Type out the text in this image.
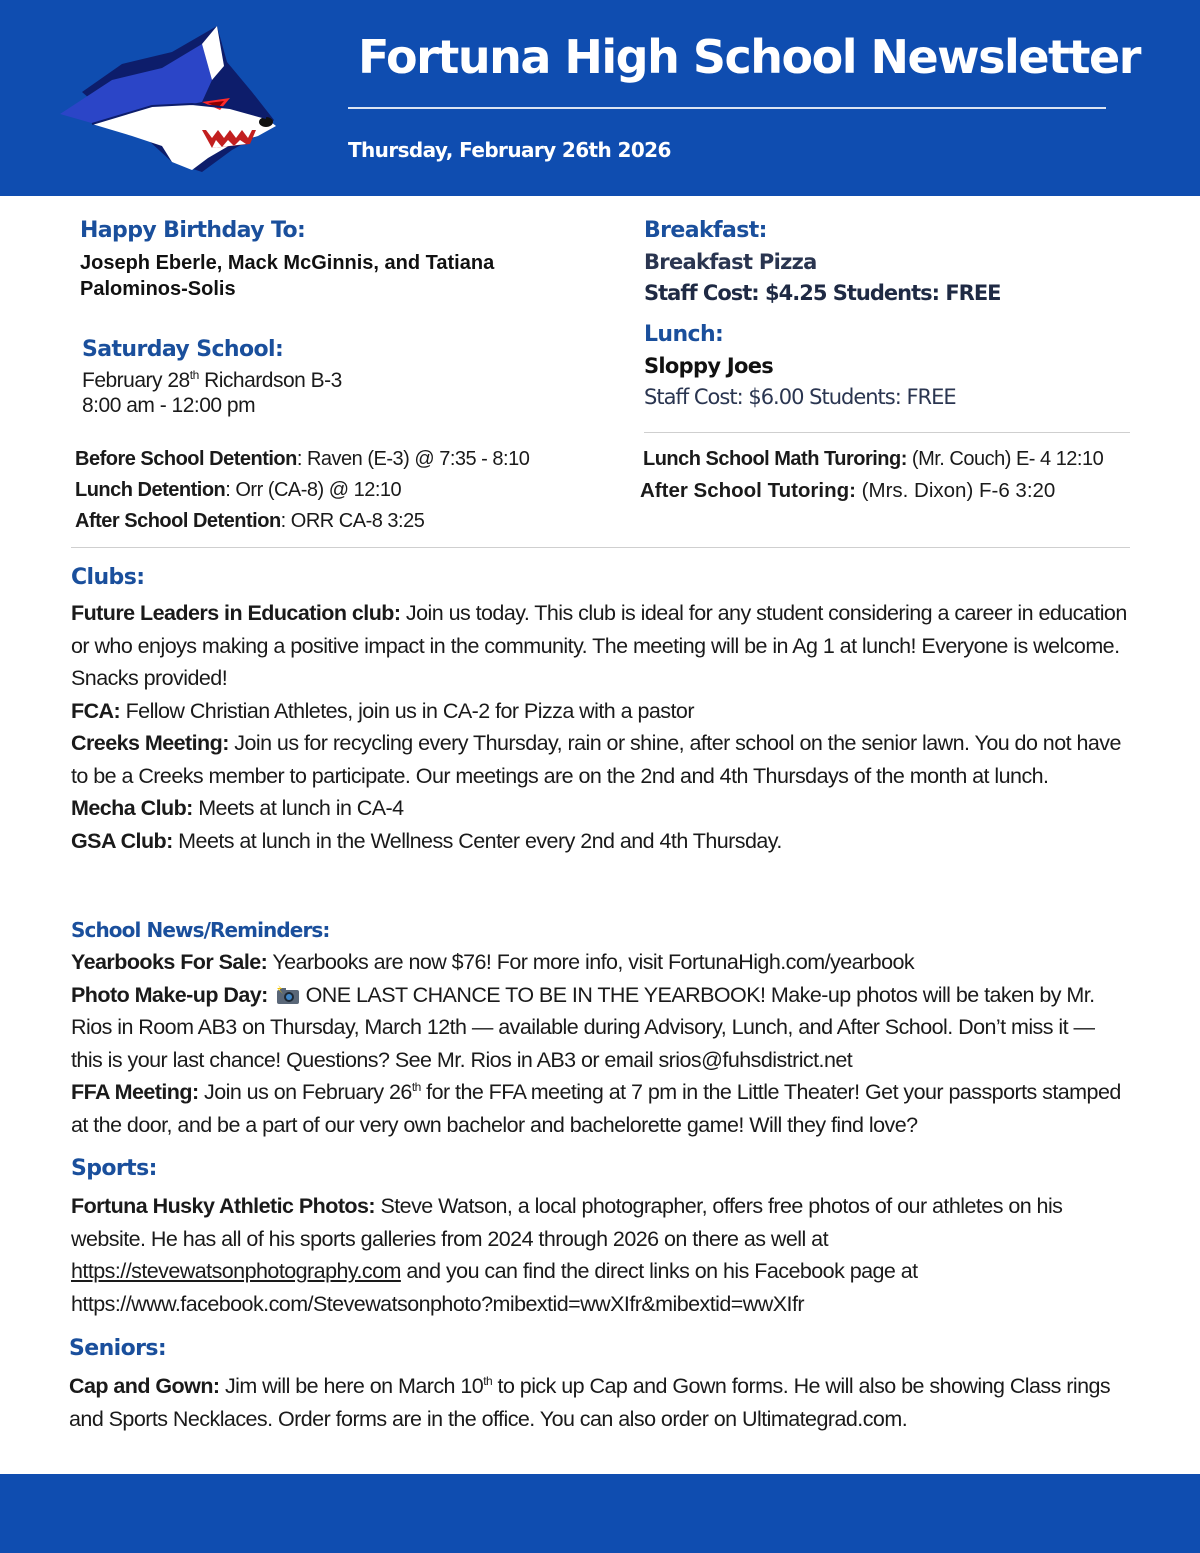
Fortuna High School Newsletter
Thursday, February 26th 2026
Happy Birthday To:
Joseph Eberle, Mack McGinnis, and Tatiana
Palominos-Solis
Saturday School:
February 28th Richardson B-3
8:00 am - 12:00 pm
Breakfast:
Breakfast Pizza
Staff Cost: $4.25 Students: FREE
Lunch:
Sloppy Joes
Staff Cost: $6.00 Students: FREE
Before School Detention: Raven (E-3) @ 7:35 - 8:10
Lunch Detention: Orr (CA-8) @ 12:10
After School Detention: ORR CA-8 3:25
Lunch School Math Turoring: (Mr. Couch) E- 4 12:10
After School Tutoring: (Mrs. Dixon) F-6 3:20
Clubs:
Future Leaders in Education club: Join us today. This club is ideal for any student considering a career in education or who enjoys making a positive impact in the community. The meeting will be in Ag 1 at lunch! Everyone is welcome. Snacks provided!
FCA: Fellow Christian Athletes, join us in CA-2 for Pizza with a pastor
Creeks Meeting: Join us for recycling every Thursday, rain or shine, after school on the senior lawn. You do not have to be a Creeks member to participate. Our meetings are on the 2nd and 4th Thursdays of the month at lunch.
Mecha Club: Meets at lunch in CA-4
GSA Club: Meets at lunch in the Wellness Center every 2nd and 4th Thursday.
School News/Reminders:
Yearbooks For Sale: Yearbooks are now $76! For more info, visit FortunaHigh.com/yearbook
Photo Make-up Day:  ONE LAST CHANCE TO BE IN THE YEARBOOK! Make-up photos will be taken by Mr. Rios in Room AB3 on Thursday, March 12th — available during Advisory, Lunch, and After School. Don’t miss it — this is your last chance! Questions? See Mr. Rios in AB3 or email srios@fuhsdistrict.net
FFA Meeting: Join us on February 26th for the FFA meeting at 7 pm in the Little Theater! Get your passports stamped at the door, and be a part of our very own bachelor and bachelorette game! Will they find love?
Sports:
Fortuna Husky Athletic Photos: Steve Watson, a local photographer, offers free photos of our athletes on his website. He has all of his sports galleries from 2024 through 2026 on there as well at https://stevewatsonphotography.com and you can find the direct links on his Facebook page at https://www.facebook.com/Stevewatsonphoto?mibextid=wwXIfr&mibextid=wwXIfr
Seniors:
Cap and Gown: Jim will be here on March 10th to pick up Cap and Gown forms. He will also be showing Class rings and Sports Necklaces. Order forms are in the office. You can also order on Ultimategrad.com.
